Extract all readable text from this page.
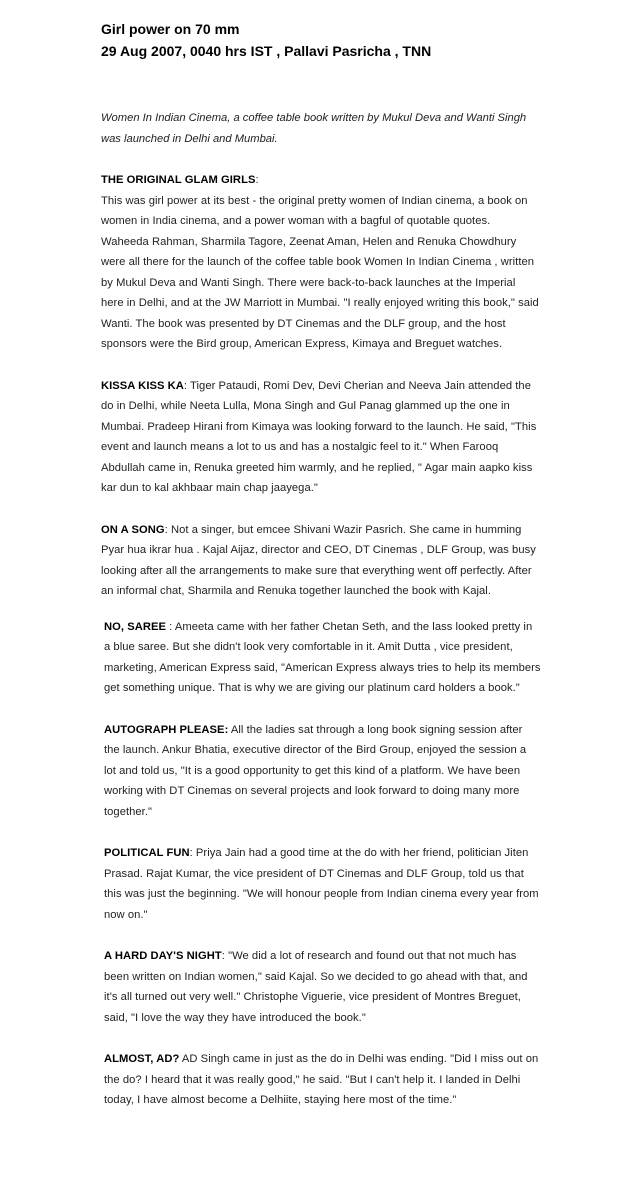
Girl power on 70 mm
29 Aug 2007, 0040 hrs IST , Pallavi Pasricha , TNN
Women In Indian Cinema, a coffee table book written by Mukul Deva and Wanti Singh was launched in Delhi and Mumbai.
THE ORIGINAL GLAM GIRLS:
This was girl power at its best - the original pretty women of Indian cinema, a book on women in India cinema, and a power woman with a bagful of quotable quotes. Waheeda Rahman, Sharmila Tagore, Zeenat Aman, Helen and Renuka Chowdhury were all there for the launch of the coffee table book Women In Indian Cinema , written by Mukul Deva and Wanti Singh. There were back-to-back launches at the Imperial here in Delhi, and at the JW Marriott in Mumbai. "I really enjoyed writing this book," said Wanti. The book was presented by DT Cinemas and the DLF group, and the host sponsors were the Bird group, American Express, Kimaya and Breguet watches.
KISSA KISS KA: Tiger Pataudi, Romi Dev, Devi Cherian and Neeva Jain attended the do in Delhi, while Neeta Lulla, Mona Singh and Gul Panag glammed up the one in Mumbai. Pradeep Hirani from Kimaya was looking forward to the launch. He said, "This event and launch means a lot to us and has a nostalgic feel to it." When Farooq Abdullah came in, Renuka greeted him warmly, and he replied, " Agar main aapko kiss kar dun to kal akhbaar main chap jaayega."
ON A SONG: Not a singer, but emcee Shivani Wazir Pasrich. She came in humming Pyar hua ikrar hua . Kajal Aijaz, director and CEO, DT Cinemas , DLF Group, was busy looking after all the arrangements to make sure that everything went off perfectly. After an informal chat, Sharmila and Renuka together launched the book with Kajal.
NO, SAREE : Ameeta came with her father Chetan Seth, and the lass looked pretty in a blue saree. But she didn't look very comfortable in it. Amit Dutta , vice president, marketing, American Express said, "American Express always tries to help its members get something unique. That is why we are giving our platinum card holders a book."
AUTOGRAPH PLEASE: All the ladies sat through a long book signing session after the launch. Ankur Bhatia, executive director of the Bird Group, enjoyed the session a lot and told us, "It is a good opportunity to get this kind of a platform. We have been working with DT Cinemas on several projects and look forward to doing many more together."
POLITICAL FUN: Priya Jain had a good time at the do with her friend, politician Jiten Prasad. Rajat Kumar, the vice president of DT Cinemas and DLF Group, told us that this was just the beginning. "We will honour people from Indian cinema every year from now on."
A HARD DAY'S NIGHT: "We did a lot of research and found out that not much has been written on Indian women," said Kajal. So we decided to go ahead with that, and it's all turned out very well." Christophe Viguerie, vice president of Montres Breguet, said, "I love the way they have introduced the book."
ALMOST, AD? AD Singh came in just as the do in Delhi was ending. "Did I miss out on the do? I heard that it was really good," he said. "But I can't help it. I landed in Delhi today, I have almost become a Delhiite, staying here most of the time."
